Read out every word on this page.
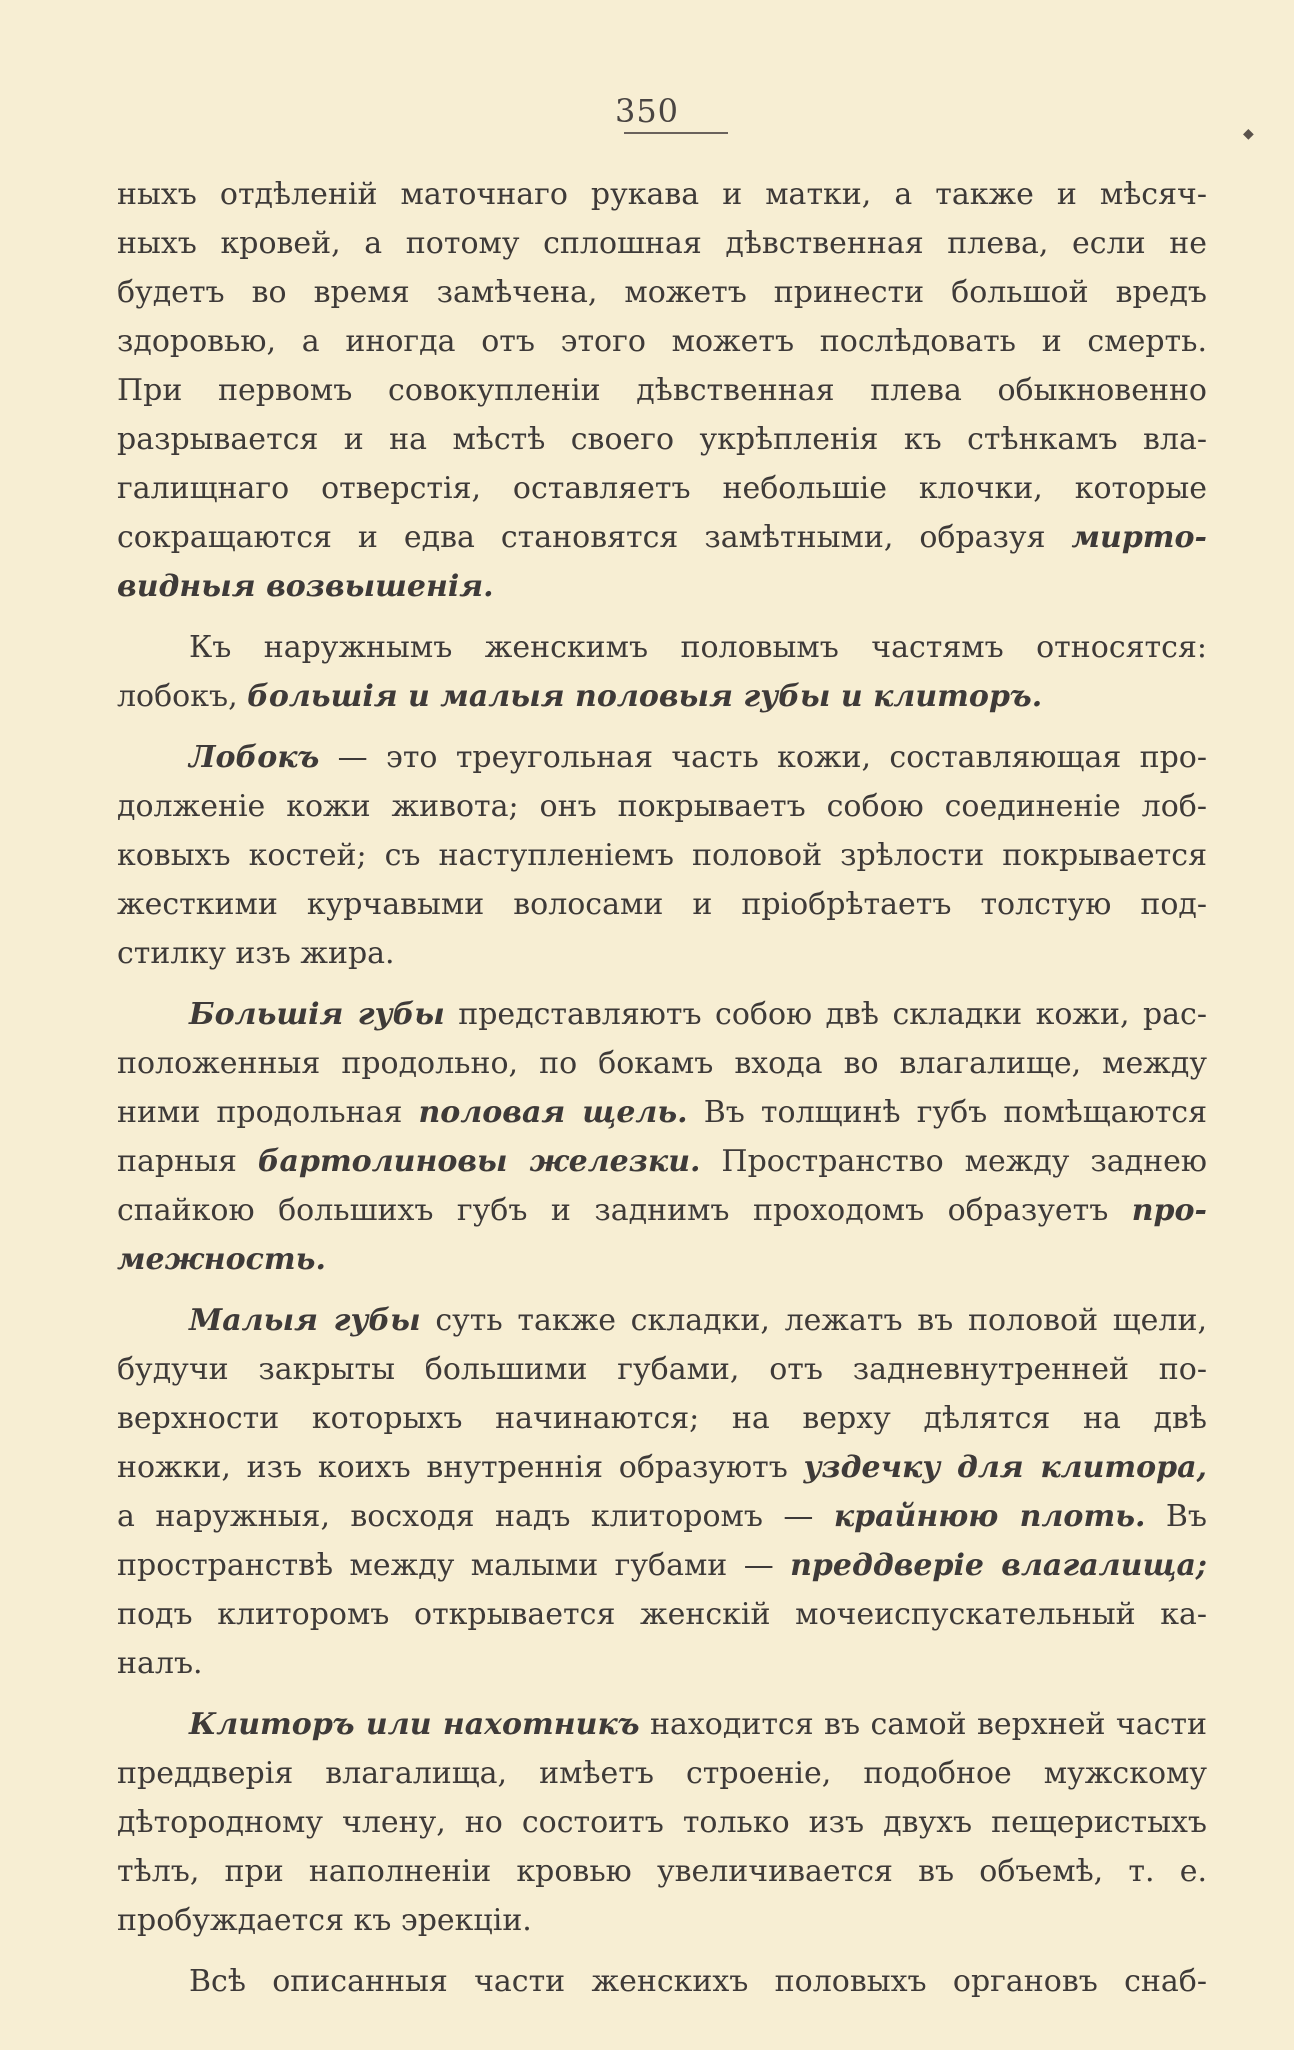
350
◆
ныхъ отдѣленій маточнаго рукава и матки, а также и мѣсяч-
ныхъ кровей, а потому сплошная дѣвственная плева, если не
будетъ во время замѣчена, можетъ принести большой вредъ
здоровью, а иногда отъ этого можетъ послѣдовать и смерть.
При первомъ совокупленіи дѣвственная плева обыкновенно
разрывается и на мѣстѣ своего укрѣпленія къ стѣнкамъ вла-
галищнаго отверстія, оставляетъ небольшіе клочки, которые
сокращаются и едва становятся замѣтными, образуя мирто-
видныя возвышенія.
Къ наружнымъ женскимъ половымъ частямъ относятся:
лобокъ, большія и малыя половыя губы и клиторъ.
Лобокъ — это треугольная часть кожи, составляющая про-
долженіе кожи живота; онъ покрываетъ собою соединеніе лоб-
ковыхъ костей; съ наступленіемъ половой зрѣлости покрывается
жесткими курчавыми волосами и пріобрѣтаетъ толстую под-
стилку изъ жира.
Большія губы представляютъ собою двѣ складки кожи, рас-
положенныя продольно, по бокамъ входа во влагалище, между
ними продольная половая щель. Въ толщинѣ губъ помѣщаются
парныя бартолиновы железки. Пространство между заднею
спайкою большихъ губъ и заднимъ проходомъ образуетъ про-
межность.
Малыя губы суть также складки, лежатъ въ половой щели,
будучи закрыты большими губами, отъ задневнутренней по-
верхности которыхъ начинаются; на верху дѣлятся на двѣ
ножки, изъ коихъ внутреннія образуютъ уздечку для клитора,
а наружныя, восходя надъ клиторомъ — крайнюю плоть. Въ
пространствѣ между малыми губами — преддверіе влагалища;
подъ клиторомъ открывается женскій мочеиспускательный ка-
налъ.
Клиторъ или нахотникъ находится въ самой верхней части
преддверія влагалища, имѣетъ строеніе, подобное мужскому
дѣтородному члену, но состоитъ только изъ двухъ пещеристыхъ
тѣлъ, при наполненіи кровью увеличивается въ объемѣ, т. е.
пробуждается къ эрекціи.
Всѣ описанныя части женскихъ половыхъ органовъ снаб-
